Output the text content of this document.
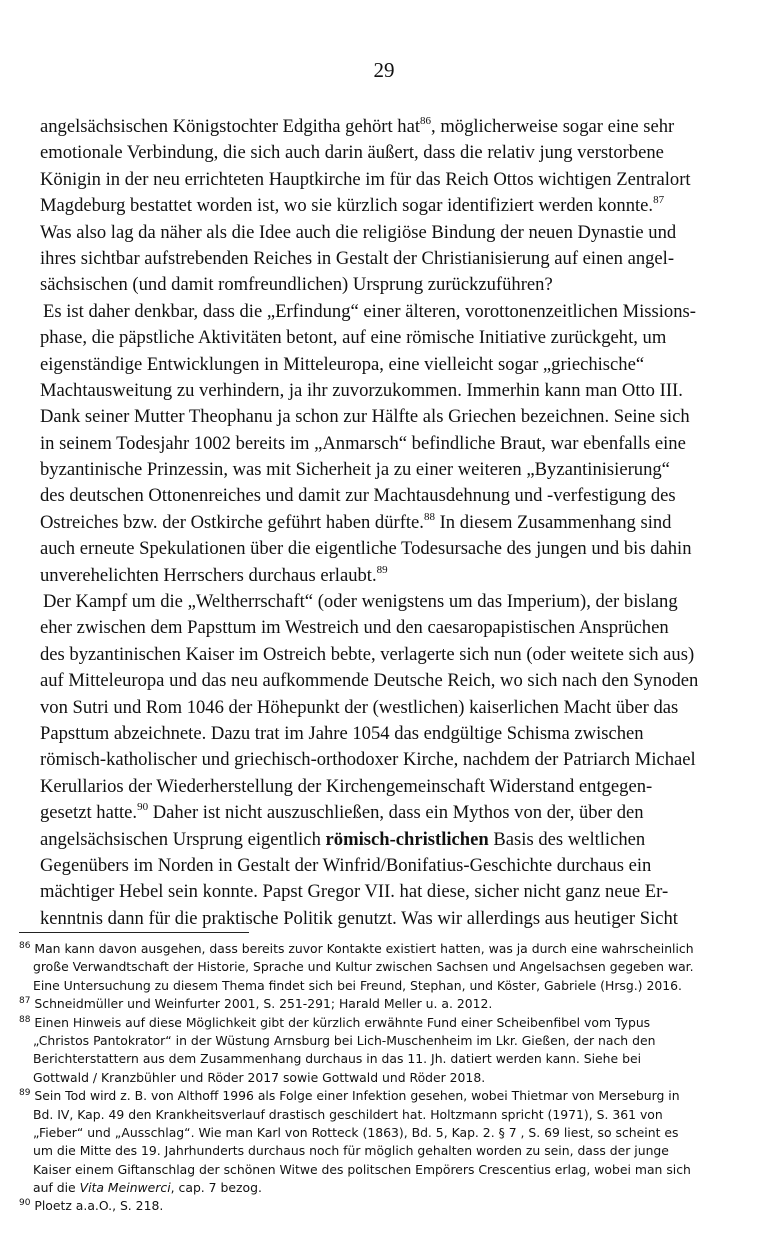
29
angelsächsischen Königstochter Edgitha gehört hat$^{86}$, möglicherweise sogar eine sehr
emotionale Verbindung, die sich auch darin äußert, dass die relativ jung verstorbene
Königin in der neu errichteten Hauptkirche im für das Reich Ottos wichtigen Zentralort
Magdeburg bestattet worden ist, wo sie kürzlich sogar identifiziert werden konnte.$^{87}$
Was also lag da näher als die Idee auch die religiöse Bindung der neuen Dynastie und
ihres sichtbar aufstrebenden Reiches in Gestalt der Christianisierung auf einen angel-
sächsischen (und damit romfreundlichen) Ursprung zurückzuführen?
Es ist daher denkbar, dass die „Erfindung“ einer älteren, vorottonenzeitlichen Missions-
phase, die päpstliche Aktivitäten betont, auf eine römische Initiative zurückgeht, um
eigenständige Entwicklungen in Mitteleuropa, eine vielleicht sogar „griechische“
Machtausweitung zu verhindern, ja ihr zuvorzukommen. Immerhin kann man Otto III.
Dank seiner Mutter Theophanu ja schon zur Hälfte als Griechen bezeichnen. Seine sich
in seinem Todesjahr 1002 bereits im „Anmarsch“ befindliche Braut, war ebenfalls eine
byzantinische Prinzessin, was mit Sicherheit ja zu einer weiteren „Byzantinisierung“
des deutschen Ottonenreiches und damit zur Machtausdehnung und -verfestigung des
Ostreiches bzw. der Ostkirche geführt haben dürfte.$^{88}$ In diesem Zusammenhang sind
auch erneute Spekulationen über die eigentliche Todesursache des jungen und bis dahin
unverehelichten Herrschers durchaus erlaubt.$^{89}$
Der Kampf um die „Weltherrschaft“ (oder wenigstens um das Imperium), der bislang
eher zwischen dem Papsttum im Westreich und den caesaropapistischen Ansprüchen
des byzantinischen Kaiser im Ostreich bebte, verlagerte sich nun (oder weitete sich aus)
auf Mitteleuropa und das neu aufkommende Deutsche Reich, wo sich nach den Synoden
von Sutri und Rom 1046 der Höhepunkt der (westlichen) kaiserlichen Macht über das
Papsttum abzeichnete. Dazu trat im Jahre 1054 das endgültige Schisma zwischen
römisch-katholischer und griechisch-orthodoxer Kirche, nachdem der Patriarch Michael
Kerullarios der Wiederherstellung der Kirchengemeinschaft Widerstand entgegen-
gesetzt hatte.$^{90}$ Daher ist nicht auszuschließen, dass ein Mythos von der, über den
angelsächsischen Ursprung eigentlich römisch-christlichen Basis des weltlichen
Gegenübers im Norden in Gestalt der Winfrid/Bonifatius-Geschichte durchaus ein
mächtiger Hebel sein konnte. Papst Gregor VII. hat diese, sicher nicht ganz neue Er-
kenntnis dann für die praktische Politik genutzt. Was wir allerdings aus heutiger Sicht
$^{86}$ Man kann davon ausgehen, dass bereits zuvor Kontakte existiert hatten, was ja durch eine wahrscheinlich
große Verwandtschaft der Historie, Sprache und Kultur zwischen Sachsen und Angelsachsen gegeben war.
Eine Untersuchung zu diesem Thema findet sich bei Freund, Stephan, und Köster, Gabriele (Hrsg.) 2016.
$^{87}$ Schneidmüller und Weinfurter 2001, S. 251-291; Harald Meller u. a. 2012.
$^{88}$ Einen Hinweis auf diese Möglichkeit gibt der kürzlich erwähnte Fund einer Scheibenfibel vom Typus
„Christos Pantokrator“ in der Wüstung Arnsburg bei Lich-Muschenheim im Lkr. Gießen, der nach den
Berichterstattern aus dem Zusammenhang durchaus in das 11. Jh. datiert werden kann. Siehe bei
Gottwald / Kranzbühler und Röder 2017 sowie Gottwald und Röder 2018.
$^{89}$ Sein Tod wird z. B. von Althoff 1996 als Folge einer Infektion gesehen, wobei Thietmar von Merseburg in
Bd. IV, Kap. 49 den Krankheitsverlauf drastisch geschildert hat. Holtzmann spricht (1971), S. 361 von
„Fieber“ und „Ausschlag“. Wie man Karl von Rotteck (1863), Bd. 5, Kap. 2. § 7 , S. 69 liest, so scheint es
um die Mitte des 19. Jahrhunderts durchaus noch für möglich gehalten worden zu sein, dass der junge
Kaiser einem Giftanschlag der schönen Witwe des politschen Empörers Crescentius erlag, wobei man sich
auf die Vita Meinwerci, cap. 7 bezog.
$^{90}$ Ploetz a.a.O., S. 218.
